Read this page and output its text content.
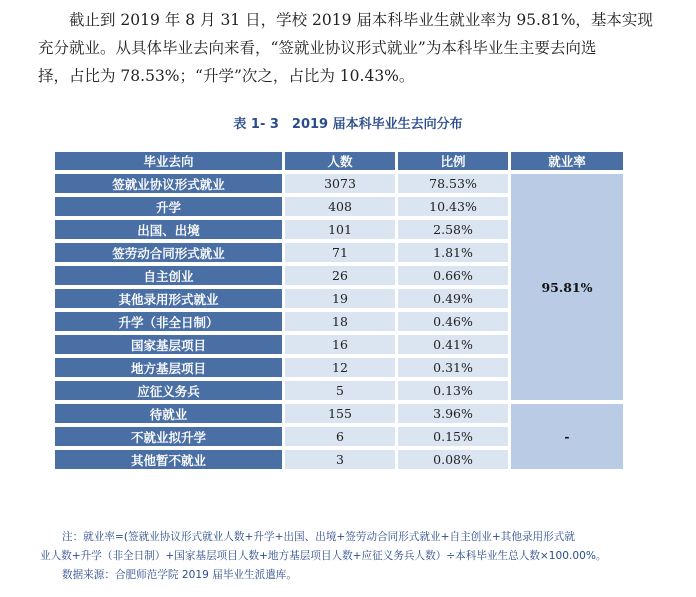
截止到 2019 年 8 月 31 日，学校 2019 届本科毕业生就业率为 95.81%，基本实现

充分就业。从具体毕业去向来看，“签就业协议形式就业”为本科毕业生主要去向选
择，占比为 78.53%；“升学”次之，占比为 10.43%。
表 1- 3　2019 届本科毕业生去向分布
毕业去向	人数	比例	就业率
签就业协议形式就业	3073	78.53%	95.81%
升学	408	10.43%	
出国、出境	101	2.58%	
签劳动合同形式就业	71	1.81%	
自主创业	26	0.66%	
其他录用形式就业	19	0.49%	
升学（非全日制）	18	0.46%	
国家基层项目	16	0.41%	
地方基层项目	12	0.31%	
应征义务兵	5	0.13%	
待就业	155	3.96%	-
不就业拟升学	6	0.15%	
其他暂不就业	3	0.08%	

注：就业率=(签就业协议形式就业人数+升学+出国、出境+签劳动合同形式就业+自主创业+其他录用形式就

业人数+升学（非全日制）+国家基层项目人数+地方基层项目人数+应征义务兵人数）÷本科毕业生总人数×100.00%。

数据来源：合肥师范学院 2019 届毕业生派遣库。
